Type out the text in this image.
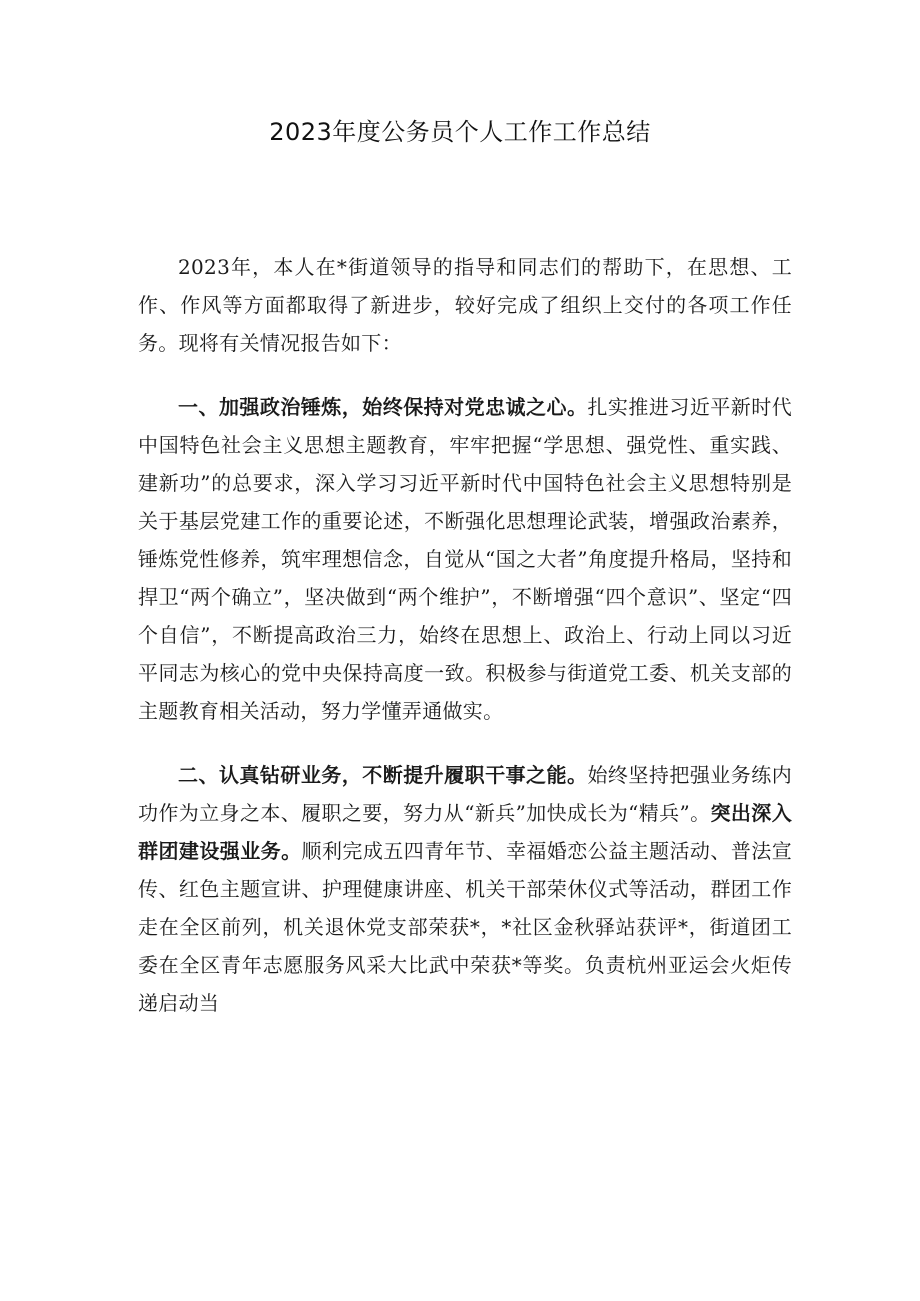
2023年度公务员个人工作工作总结

2023年，本人在*街道领导的指导和同志们的帮助下，在思想、工作、作风等方面都取得了新进步，较好完成了组织上交付的各项工作任务。现将有关情况报告如下：

一、加强政治锤炼，始终保持对党忠诚之心。扎实推进习近平新时代中国特色社会主义思想主题教育，牢牢把握“学思想、强党性、重实践、建新功”的总要求，深入学习习近平新时代中国特色社会主义思想特别是关于基层党建工作的重要论述，不断强化思想理论武装，增强政治素养，锤炼党性修养，筑牢理想信念，自觉从“国之大者”角度提升格局，坚持和捍卫“两个确立”，坚决做到“两个维护”，不断增强“四个意识”、坚定“四个自信”，不断提高政治三力，始终在思想上、政治上、行动上同以习近平同志为核心的党中央保持高度一致。积极参与街道党工委、机关支部的主题教育相关活动，努力学懂弄通做实。

二、认真钻研业务，不断提升履职干事之能。始终坚持把强业务练内功作为立身之本、履职之要，努力从“新兵”加快成长为“精兵”。突出深入群团建设强业务。顺利完成五四青年节、幸福婚恋公益主题活动、普法宣传、红色主题宣讲、护理健康讲座、机关干部荣休仪式等活动，群团工作走在全区前列，机关退休党支部荣获*，*社区金秋驿站获评*，街道团工委在全区青年志愿服务风采大比武中荣获*等奖。负责杭州亚运会火炬传递启动当
